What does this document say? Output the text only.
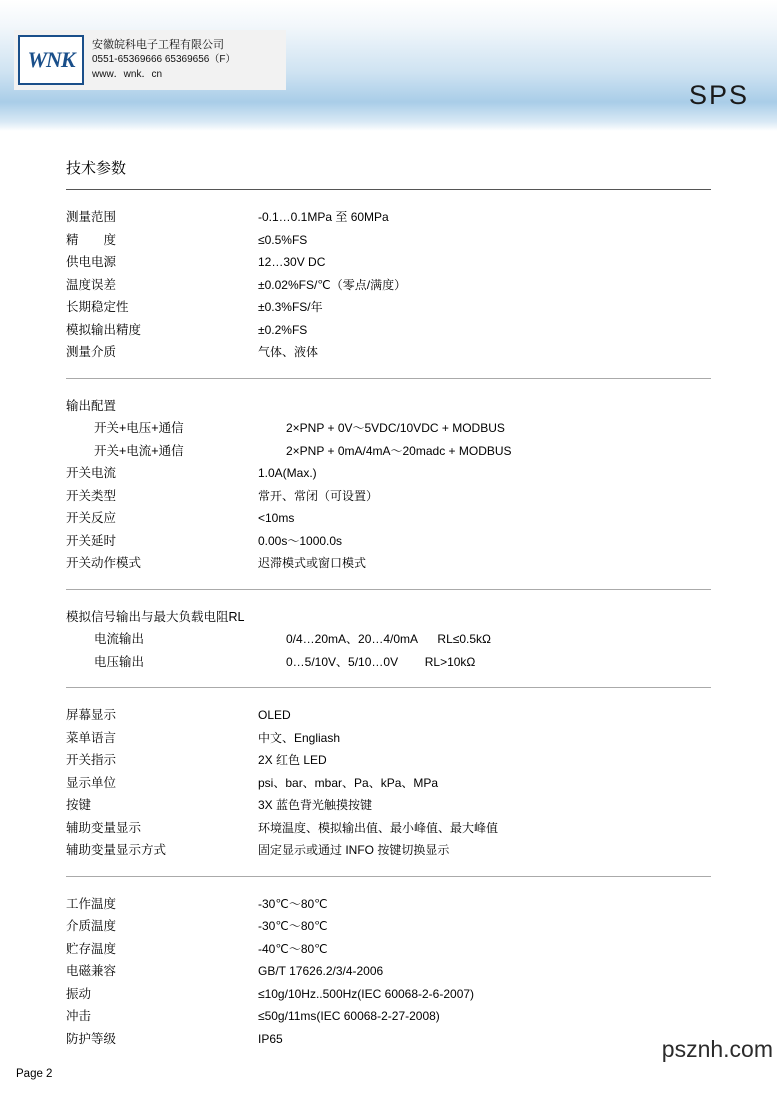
WNK
安徽皖科电子工程有限公司
0551-65369666 65369656（F）
www．wnk．cn
SPS
技术参数
测量范围	-0.1…0.1MPa 至 60MPa
精　　度	≤0.5%FS
供电电源	12…30V DC
温度误差	±0.02%FS/℃（零点/满度）
长期稳定性	±0.3%FS/年
模拟输出精度	±0.2%FS
测量介质	气体、液体
输出配置
开关+电压+通信	2×PNP + 0V～5VDC/10VDC + MODBUS
开关+电流+通信	2×PNP + 0mA/4mA～20madc + MODBUS
开关电流	1.0A(Max.)
开关类型	常开、常闭（可设置）
开关反应	<10ms
开关延时	0.00s～1000.0s
开关动作模式	迟滞模式或窗口模式
模拟信号输出与最大负载电阻RL
电流输出	0/4…20mA、20…4/0mA      RL≤0.5kΩ
电压输出	0…5/10V、5/10…0V        RL>10kΩ
屏幕显示	OLED
菜单语言	中文、Engliash
开关指示	2X 红色 LED
显示单位	psi、bar、mbar、Pa、kPa、MPa
按键	3X 蓝色背光触摸按键
辅助变量显示	环境温度、模拟输出值、最小峰值、最大峰值
辅助变量显示方式	固定显示或通过 INFO 按键切换显示
工作温度	-30℃～80℃
介质温度	-30℃～80℃
贮存温度	-40℃～80℃
电磁兼容	GB/T 17626.2/3/4-2006
振动	≤10g/10Hz..500Hz(IEC 60068-2-6-2007)
冲击	≤50g/11ms(IEC 60068-2-27-2008)
防护等级	IP65	psznh.com
Page 2
